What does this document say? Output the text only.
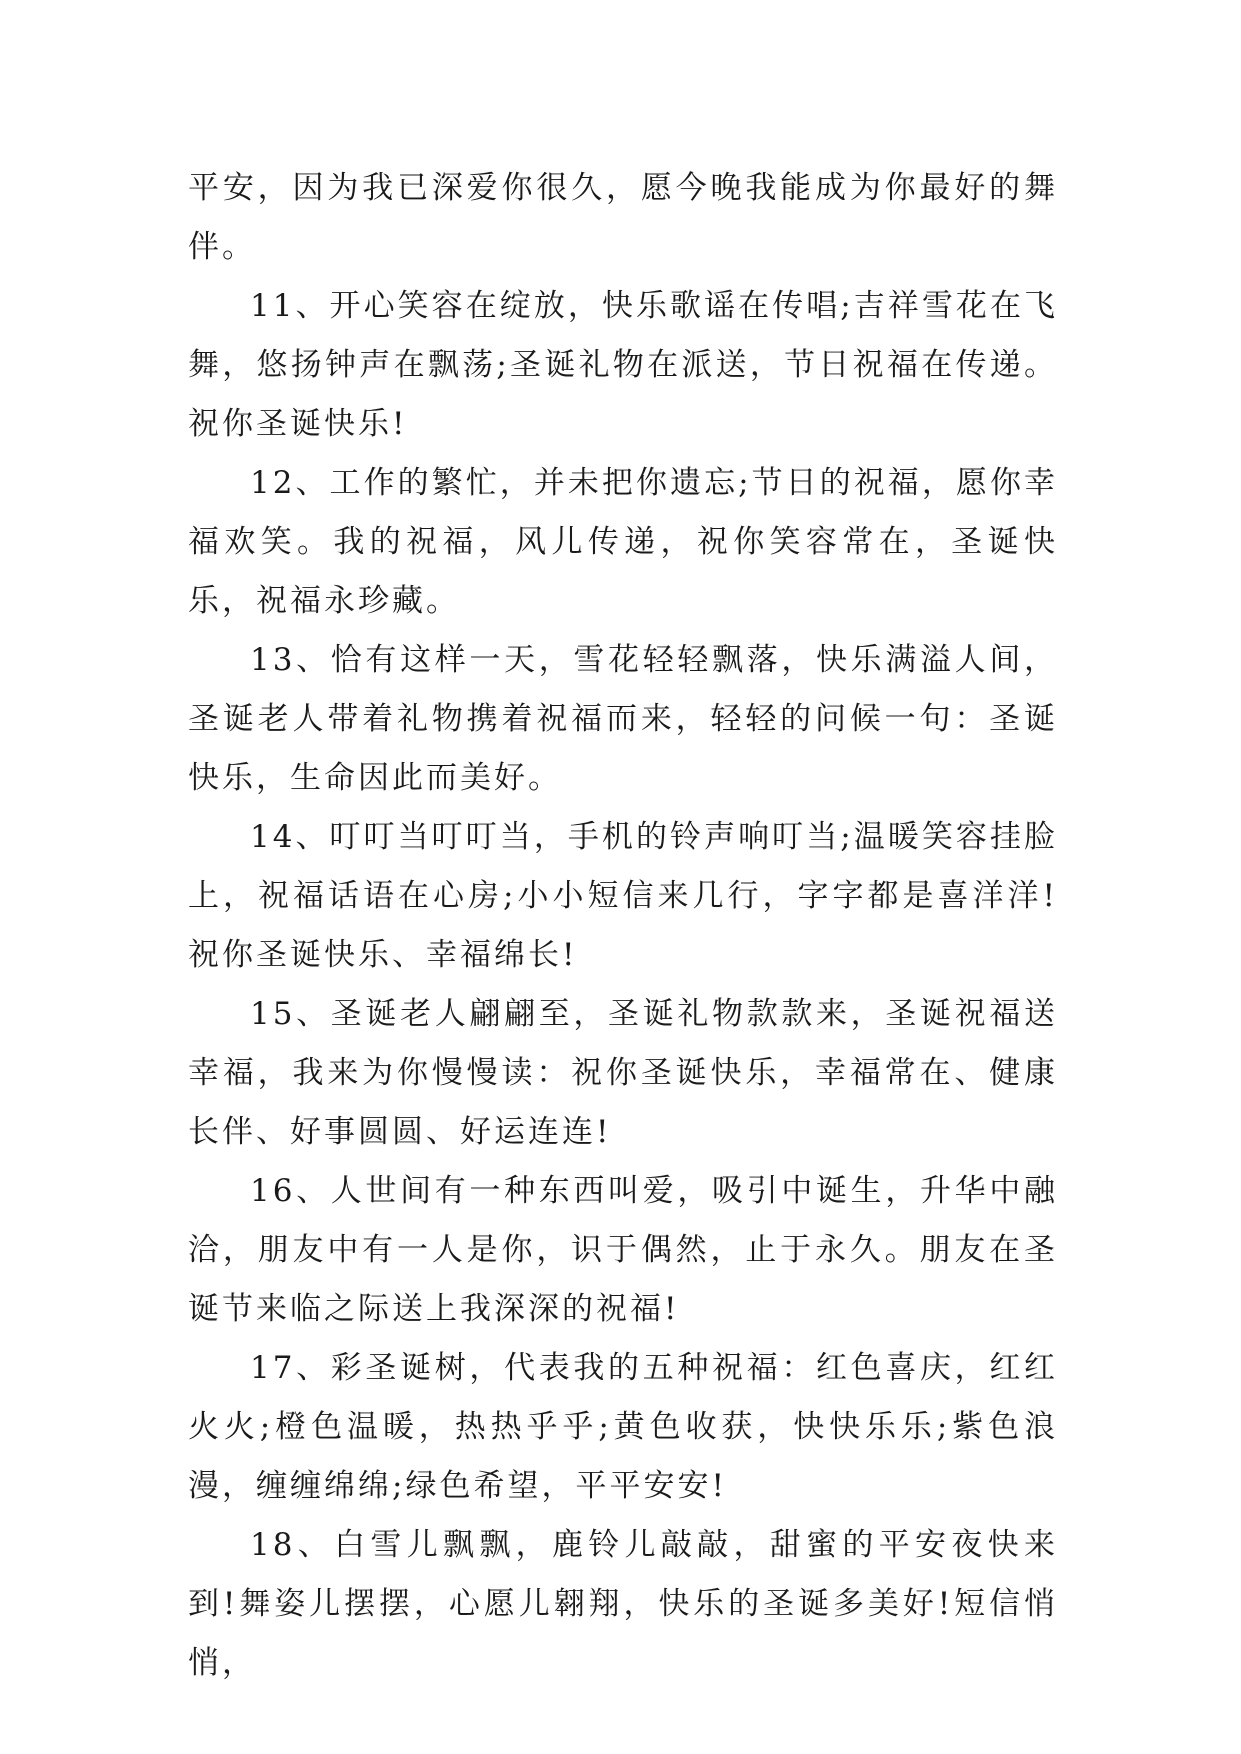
平安，因为我已深爱你很久，愿今晚我能成为你最好的舞伴。

11、开心笑容在绽放，快乐歌谣在传唱;吉祥雪花在飞舞，悠扬钟声在飘荡;圣诞礼物在派送，节日祝福在传递。祝你圣诞快乐!

12、工作的繁忙，并未把你遗忘;节日的祝福，愿你幸福欢笑。我的祝福，风儿传递，祝你笑容常在，圣诞快乐，祝福永珍藏。

13、恰有这样一天，雪花轻轻飘落，快乐满溢人间，圣诞老人带着礼物携着祝福而来，轻轻的问候一句：圣诞快乐，生命因此而美好。

14、叮叮当叮叮当，手机的铃声响叮当;温暖笑容挂脸上，祝福话语在心房;小小短信来几行，字字都是喜洋洋!祝你圣诞快乐、幸福绵长!

15、圣诞老人翩翩至，圣诞礼物款款来，圣诞祝福送幸福，我来为你慢慢读：祝你圣诞快乐，幸福常在、健康长伴、好事圆圆、好运连连!

16、人世间有一种东西叫爱，吸引中诞生，升华中融洽，朋友中有一人是你，识于偶然，止于永久。朋友在圣诞节来临之际送上我深深的祝福!

17、彩圣诞树，代表我的五种祝福：红色喜庆，红红火火;橙色温暖，热热乎乎;黄色收获，快快乐乐;紫色浪漫，缠缠绵绵;绿色希望，平平安安!

18、白雪儿飘飘，鹿铃儿敲敲，甜蜜的平安夜快来到!舞姿儿摆摆，心愿儿翱翔，快乐的圣诞多美好!短信悄悄，
